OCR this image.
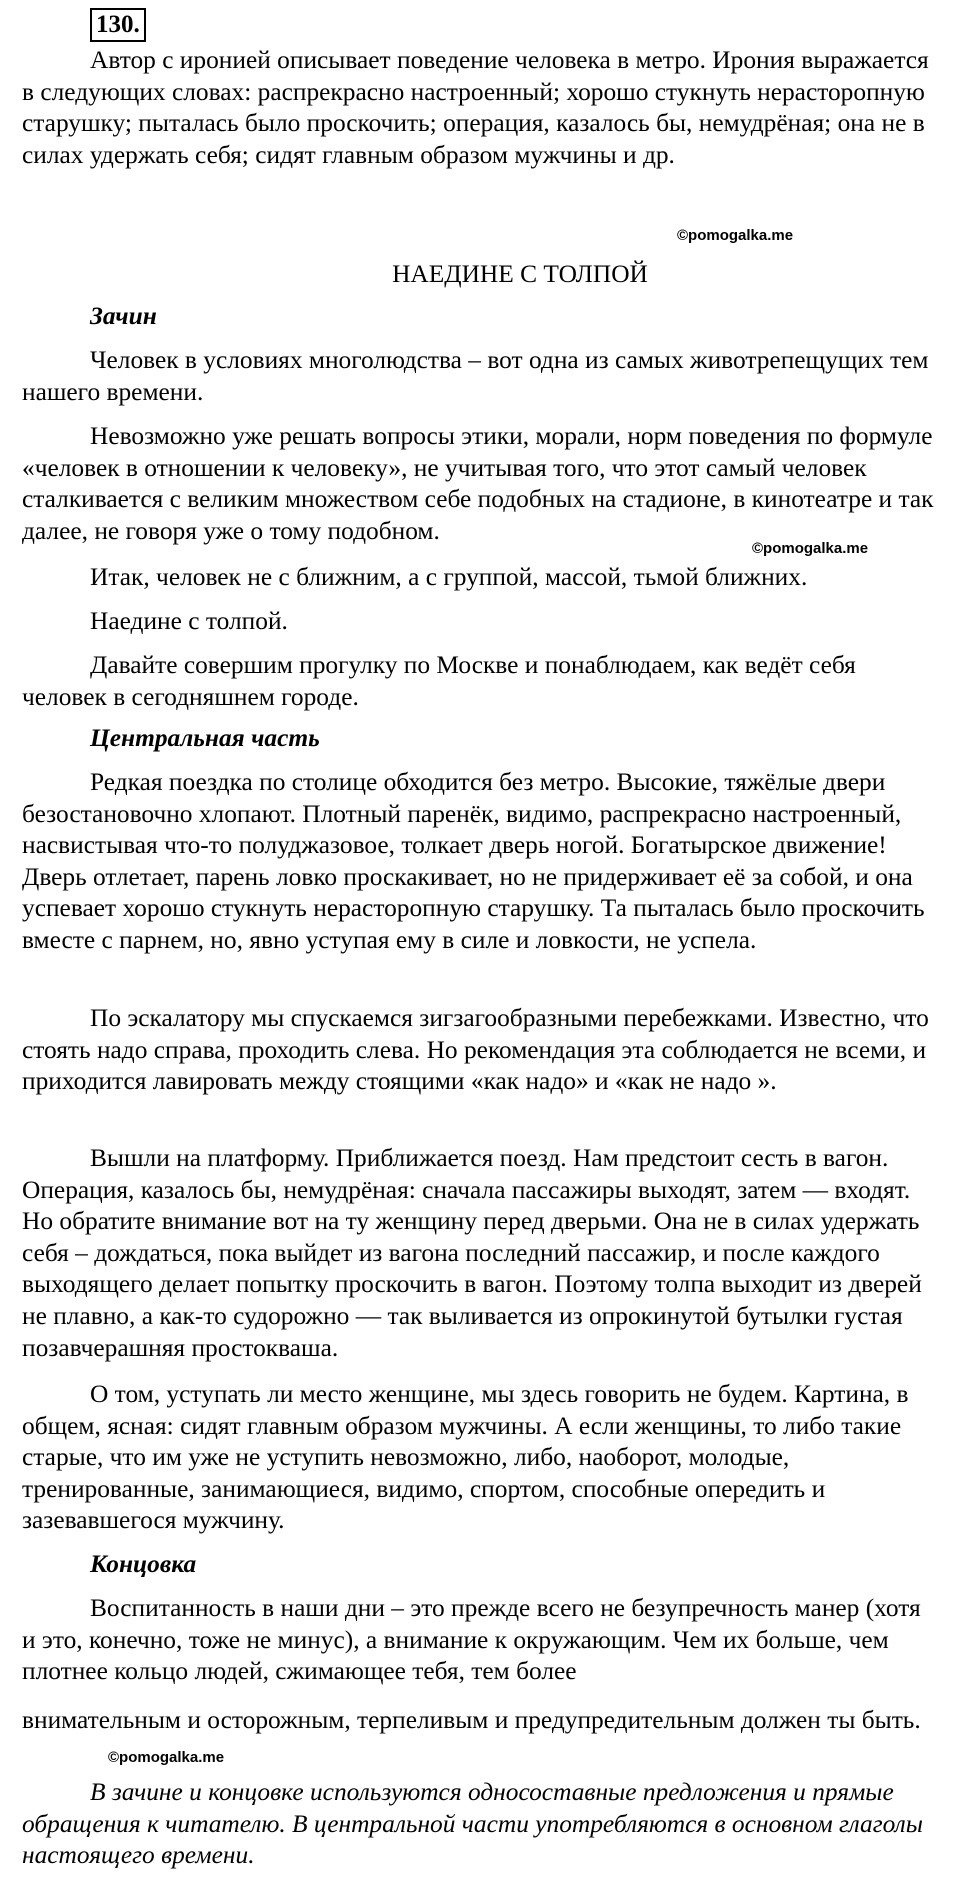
130.

Автор с иронией описывает поведение человека в метро. Ирония выражается в следующих словах: распрекрасно настроенный; хорошо стукнуть нерасторопную старушку; пыталась было проскочить; операция, казалось бы, немудрёная; она не в силах удержать себя; сидят главным образом мужчины и др.

©pomogalka.me

НАЕДИНЕ С ТОЛПОЙ

Зачин

Человек в условиях многолюдства – вот одна из самых животрепещущих тем нашего времени.

Невозможно уже решать вопросы этики, морали, норм поведения по формуле «человек в отношении к человеку», не учитывая того, что этот самый человек сталкивается с великим множеством себе подобных на стадионе, в кинотеатре и так далее, не говоря уже о тому подобном.

©pomogalka.me

Итак, человек не с ближним, а с группой, массой, тьмой ближних.

Наедине с толпой.

Давайте совершим прогулку по Москве и понаблюдаем, как ведёт себя человек в сегодняшнем городе.

Центральная часть

Редкая поездка по столице обходится без метро. Высокие, тяжёлые двери безостановочно хлопают. Плотный паренёк, видимо, распрекрасно настроенный, насвистывая что-то полуджазовое, толкает дверь ногой. Богатырское движение! Дверь отлетает, парень ловко проскакивает, но не придерживает её за собой, и она успевает хорошо стукнуть нерасторопную старушку. Та пыталась было проскочить вместе с парнем, но, явно уступая ему в силе и ловкости, не успела.

По эскалатору мы спускаемся зигзагообразными перебежками. Известно, что стоять надо справа, проходить слева. Но рекомендация эта соблюдается не всеми, и приходится лавировать между стоящими «как надо» и «как не надо ».

Вышли на платформу. Приближается поезд. Нам предстоит сесть в вагон. Операция, казалось бы, немудрёная: сначала пассажиры выходят, затем — входят. Но обратите внимание вот на ту женщину перед дверьми. Она не в силах удержать себя – дождаться, пока выйдет из вагона последний пассажир, и после каждого выходящего делает попытку проскочить в вагон. Поэтому толпа выходит из дверей не плавно, а как-то судорожно — так выливается из опрокинутой бутылки густая позавчерашняя простокваша.

О том, уступать ли место женщине, мы здесь говорить не будем. Картина, в общем, ясная: сидят главным образом мужчины. А если женщины, то либо такие старые, что им уже не уступить невозможно, либо, наоборот, молодые, тренированные, занимающиеся, видимо, спортом, способные опередить и зазевавшегося мужчину.

Концовка

Воспитанность в наши дни – это прежде всего не безупречность манер (хотя и это, конечно, тоже не минус), а внимание к окружающим. Чем их больше, чем плотнее кольцо людей, сжимающее тебя, тем более

внимательным и осторожным, терпеливым и предупредительным должен ты быть.

©pomogalka.me

В зачине и концовке используются односоставные предложения и прямые обращения к читателю. В центральной части употребляются в основном глаголы настоящего времени.
